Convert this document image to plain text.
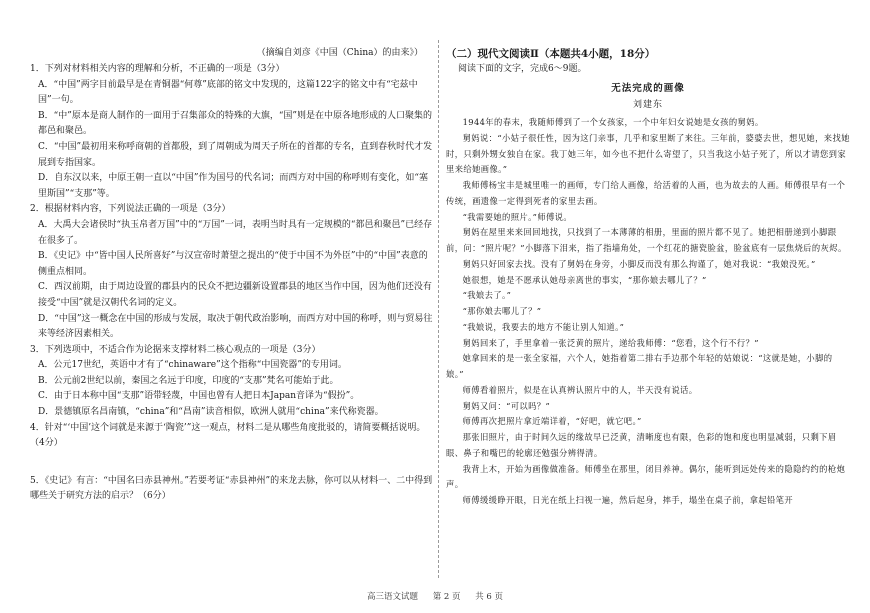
（摘编自刘彦《中国（China）的由来》）
1．下列对材料相关内容的理解和分析，不正确的一项是（3分）
A．“中国”两字目前最早是在青铜器“何尊”底部的铭文中发现的，这篇122字的铭文中有“宅兹中国”一句。
B．“中”原本是商人制作的一面用于召集部众的特殊的大旗，“国”则是在中原各地形成的人口聚集的都邑和聚邑。
C．“中国”最初用来称呼商朝的首都殷，到了周朝成为周天子所在的首都的专名，直到春秋时代才发展到专指国家。
D．自东汉以来，中原王朝一直以“中国”作为国号的代名词；而西方对中国的称呼则有变化，如“塞里斯国”“支那”等。
2．根据材料内容，下列说法正确的一项是（3分）
A．大禹大会诸侯时“执玉帛者万国”中的“万国”一词，表明当时具有一定规模的“都邑和聚邑”已经存在很多了。
B．《史记》中“皆中国人民所喜好”与汉宣帝时萧望之提出的“使于中国不为外臣”中的“中国”表意的侧重点相同。
C．西汉前期，由于周边设置的郡县内的民众不把边疆新设置郡县的地区当作中国，因为他们还没有接受“中国”就是汉朝代名词的定义。
D．“中国”这一概念在中国的形成与发展，取决于朝代政治影响，而西方对中国的称呼，则与贸易往来等经济因素相关。
3．下列选项中，不适合作为论据来支撑材料二核心观点的一项是（3分）
A．公元17世纪，英语中才有了“chinaware”这个指称“中国瓷器”的专用词。
B．公元前2世纪以前，秦国之名远于印度，印度的“支那”梵名可能始于此。
C．由于日本称中国“支那”语带轻蔑，中国也曾有人把日本Japan音译为“假扮”。
D．景德镇原名昌南镇，“china”和“昌南”读音相似，欧洲人就用“china”来代称瓷器。
4．针对“‘中国’这个词就是来源于‘陶瓷’”这一观点，材料二是从哪些角度批驳的，请简要概括说明。（4分）
5．《史记》有言：“中国名曰赤县神州。”若要考证“赤县神州”的来龙去脉，你可以从材料一、二中得到哪些关于研究方法的启示？（6分）
（二）现代文阅读Ⅱ（本题共4小题，18分）
阅读下面的文字，完成6～9题。
无法完成的画像
刘建东

1944年的春末，我随师傅到了一个女孩家，一个中年妇女说她是女孩的舅妈。

舅妈说：“小姑子很任性，因为这门亲事，几乎和家里断了来往。三年前，婆婆去世，想见她，来找她时，只剩外甥女独自在家。我丁她三年，如今也不把什么寄望了，只当我这小姑子死了，所以才请您到家里来给她画像。”

我师傅杨宝丰是城里唯一的画师，专门给人画像，给活着的人画，也为故去的人画。师傅很早有一个传统，画遗像一定得到死者的家里去画。

“我需要她的照片。”师傅说。

舅妈在屋里来来回回地找，只找到了一本薄薄的相册，里面的照片都不见了。她把相册递到小脚跟前，问：“照片呢？”小脚落下泪来，指了指墙角处，一个红花的搪瓷脸盆，脸盆底有一层焦烧后的灰烬。

舅妈只好回家去找。没有了舅妈在身旁，小脚反而没有那么拘谨了，她对我说：“我娘没死。”

她很想，她是不愿承认她母亲离世的事实，“那你娘去哪儿了？”

“我娘去了。”

“那你娘去哪儿了？”

“我娘说，我要去的地方不能让别人知道。”

舅妈回来了，手里拿着一张泛黄的照片，递给我师傅：“您看，这个行不行？”

她拿回来的是一张全家福，六个人，她指着第二排右手边那个年轻的姑娘说：“这就是她，小脚的娘。”

师傅看着照片，似是在认真辨认照片中的人，半天没有说话。

舅妈又问：“可以吗？”

师傅再次把照片拿近端详着，“好吧，就它吧。”

那张旧照片，由于时间久远的缘故早已泛黄，清晰度也有限，色彩的饱和度也明显减弱，只剩下眉眼、鼻子和嘴巴的轮廓还勉强分辨得清。

我背上木，开始为画像做准备。师傅坐在那里，闭目养神。偶尔，能听到远处传来的隐隐约约的枪炮声。

师傅缓缓睁开眼，日光在纸上扫视一遍，然后起身，摔手，塌坐在桌子前，拿起铅笔开

高三语文试题 第 2 页 共 6 页
